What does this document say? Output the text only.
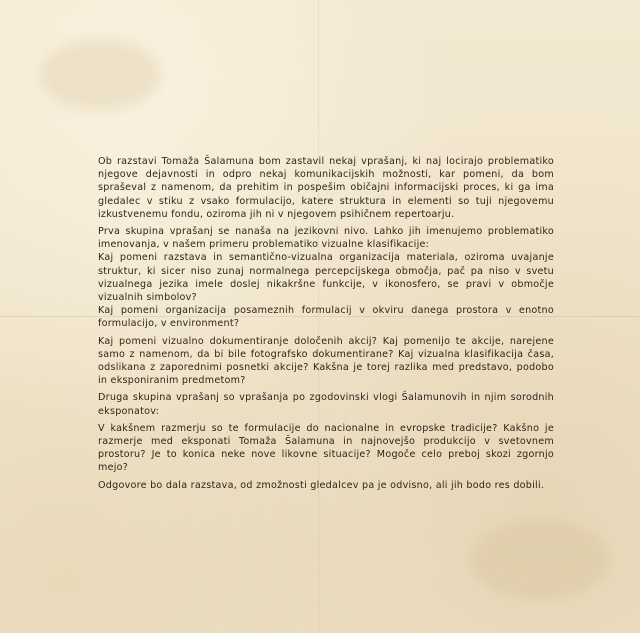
Ob razstavi Tomaža Šalamuna bom zastavil nekaj vprašanj, ki naj locirajo problematiko njegove dejavnosti in odpro nekaj komunikacijskih možnosti, kar pomeni, da bom spraševal z namenom, da prehitim in pospešim običajni informacijski proces, ki ga ima gledalec v stiku z vsako formulacijo, katere struktura in elementi so tuji njegovemu izkustvenemu fondu, oziroma jih ni v njegovem psihičnem repertoarju.

Prva skupina vprašanj se nanaša na jezikovni nivo. Lahko jih imenujemo problematiko imenovanja, v našem primeru problematiko vizualne klasifikacije:

Kaj pomeni razstava in semantično-vizualna organizacija materiala, oziroma uvajanje struktur, ki sicer niso zunaj normalnega percepcijskega območja, pač pa niso v svetu vizualnega jezika imele doslej nikakršne funkcije, v ikonosfero, se pravi v območje vizualnih simbolov?

Kaj pomeni organizacija posameznih formulacij v okviru danega prostora v enotno formulacijo, v environment?

Kaj pomeni vizualno dokumentiranje določenih akcij? Kaj pomenijo te akcije, narejene samo z namenom, da bi bile fotografsko dokumentirane? Kaj vizualna klasifikacija časa, odslikana z zaporednimi posnetki akcije? Kakšna je torej razlika med predstavo, podobo in eksponiranim predmetom?

Druga skupina vprašanj so vprašanja po zgodovinski vlogi Šalamunovih in njim sorodnih eksponatov:

V kakšnem razmerju so te formulacije do nacionalne in evropske tradicije? Kakšno je razmerje med eksponati Tomaža Šalamuna in najnovejšo produkcijo v svetovnem prostoru? Je to konica neke nove likovne situacije? Mogoče celo preboj skozi zgornjo mejo?

Odgovore bo dala razstava, od zmožnosti gledalcev pa je odvisno, ali jih bodo res dobili.
